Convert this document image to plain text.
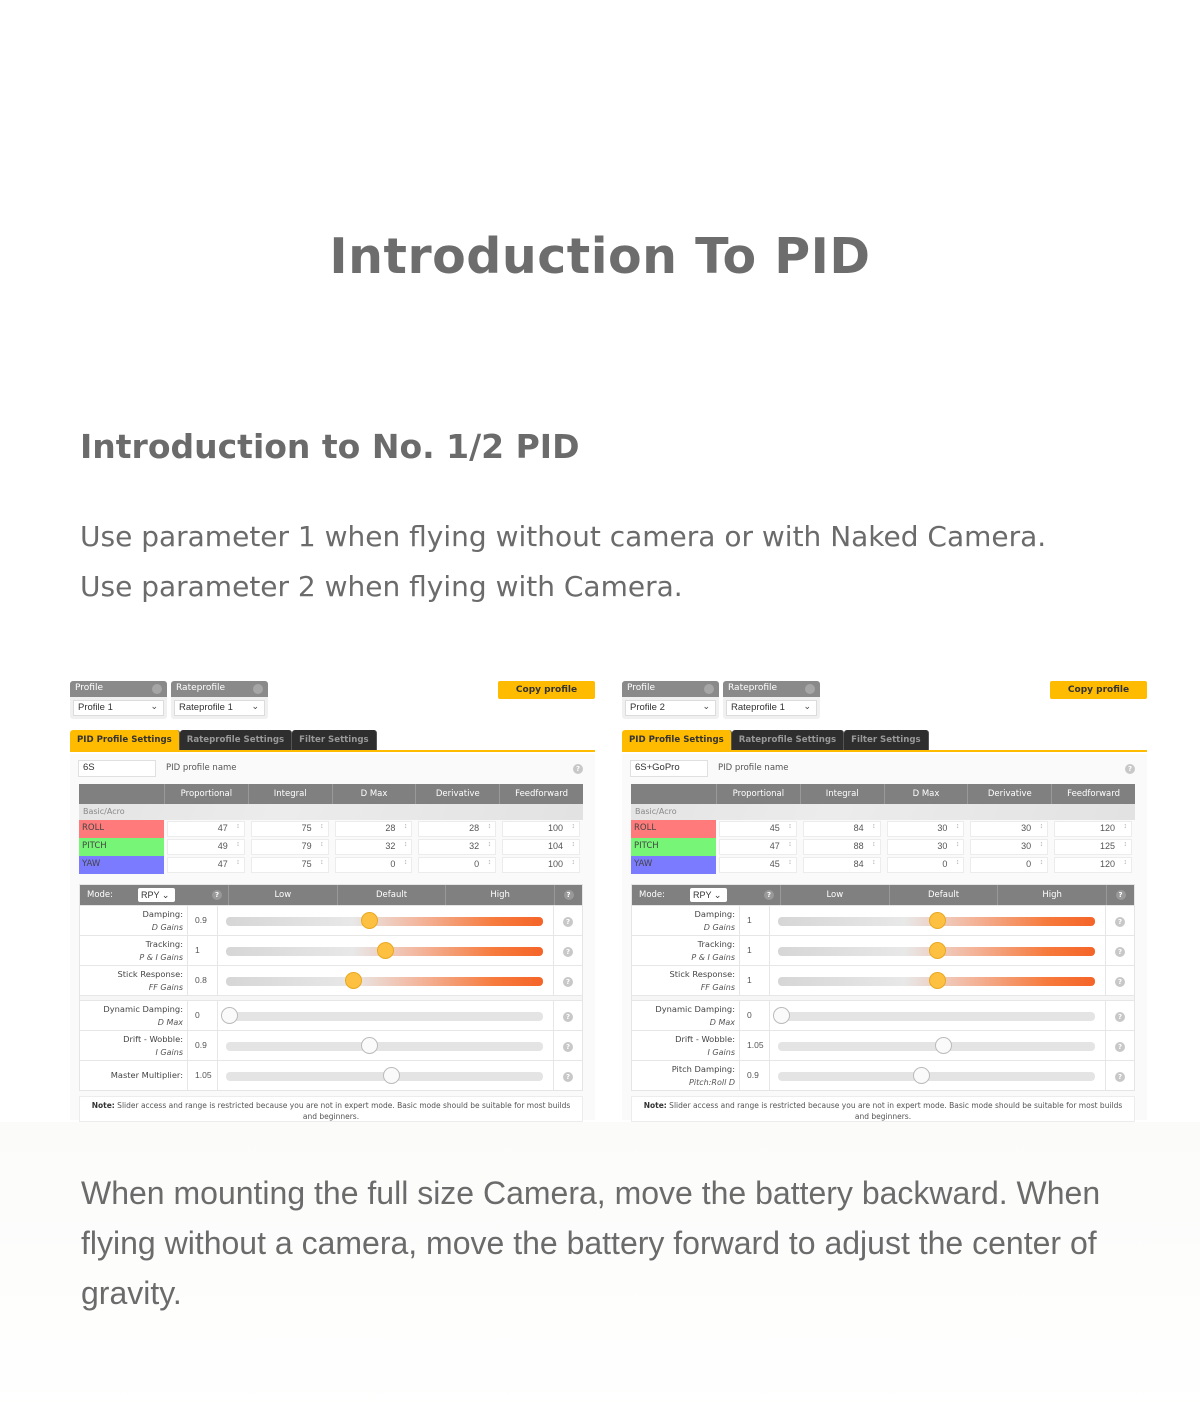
Introduction To PID
Introduction to No. 1/2 PID
Use parameter 1 when flying without camera or with Naked Camera.
Use parameter 2 when flying with Camera.
Profile
Profile 1	⌄
Rateprofile
Rateprofile 1 ⌄
Copy profile
PID Profile Settings	Rateprofile Settings	Filter Settings
6S	PID profile name	?
Proportional	Integral	D Max	Derivative	Feedforward
Basic/Acro
ROLL	47 ↕	75 ↕	28 ↕	28 ↕	100 ↕
PITCH	49 ↕	79 ↕	32 ↕	32 ↕	104 ↕
YAW	47 ↕	75 ↕	0 ↕	0 ↕	100 ↕
Mode:	RPY ⌄	?	Low	Default	High	?
Damping:
D Gains
0.9	?
Tracking:
P & I Gains
1	?
Stick Response:
FF Gains
0.8	?
Dynamic Damping:
D Max
0	?
Drift - Wobble:
I Gains
0.9	?
Master Multiplier:	1.05	?
Note: Slider access and range is restricted because you are not in expert mode. Basic mode should be suitable for most builds and beginners.
Profile
Profile 2	⌄
Rateprofile
Rateprofile 1 ⌄
Copy profile
PID Profile Settings	Rateprofile Settings	Filter Settings
6S+GoPro	PID profile name	?
Proportional	Integral	D Max	Derivative	Feedforward
Basic/Acro
ROLL	45 ↕	84 ↕	30 ↕	30 ↕	120 ↕
PITCH	47 ↕	88 ↕	30 ↕	30 ↕	125 ↕
YAW	45 ↕	84 ↕	0 ↕	0 ↕	120 ↕
Mode:	RPY ⌄	?	Low	Default	High	?
Damping:
D Gains
1	?
Tracking:
P & I Gains
1	?
Stick Response:
FF Gains
1	?
Dynamic Damping:
D Max
0	?
Drift - Wobble:
I Gains
1.05	?
Pitch Damping:
Pitch:Roll D
0.9	?
Note: Slider access and range is restricted because you are not in expert mode. Basic mode should be suitable for most builds and beginners.
When mounting the full size Camera, move the battery backward. When flying without a camera, move the battery forward to adjust the center of gravity.
